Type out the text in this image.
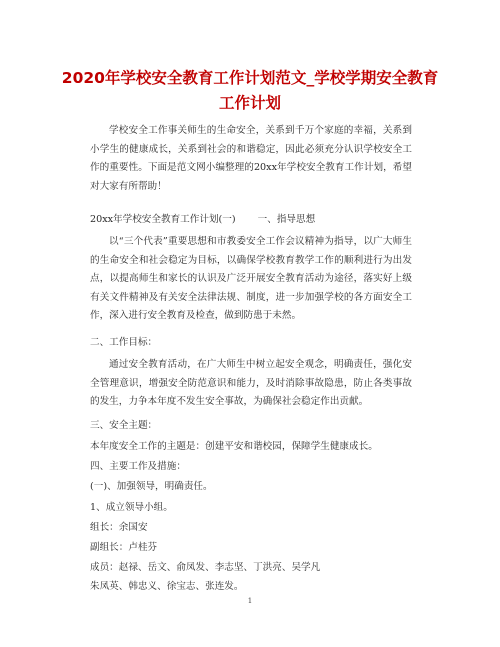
2020年学校安全教育工作计划范文_学校学期安全教育工作计划

学校安全工作事关师生的生命安全，关系到千万个家庭的幸福，关系到小学生的健康成长，关系到社会的和谐稳定，因此必须充分认识学校安全工作的重要性。下面是范文网小编整理的20xx年学校安全教育工作计划，希望对大家有所帮助！

20xx年学校安全教育工作计划(一) 一、指导思想

以“三个代表”重要思想和市教委安全工作会议精神为指导，以广大师生的生命安全和社会稳定为目标，以确保学校教育教学工作的顺利进行为出发点，以提高师生和家长的认识及广泛开展安全教育活动为途径，落实好上级有关文件精神及有关安全法律法规、制度，进一步加强学校的各方面安全工作，深入进行安全教育及检查，做到防患于未然。

二、工作目标：

通过安全教育活动，在广大师生中树立起安全观念，明确责任，强化安全管理意识，增强安全防范意识和能力，及时消除事故隐患，防止各类事故的发生，力争本年度不发生安全事故，为确保社会稳定作出贡献。

三、安全主题：

本年度安全工作的主题是：创建平安和谐校园，保障学生健康成长。

四、主要工作及措施：

(一)、加强领导，明确责任。

1、成立领导小组。

组长：余国安

副组长：卢桂芬

成员：赵禄、岳文、俞凤发、李志坚、丁洪亮、吴学凡

朱凤英、韩忠义、徐宝志、张连发。

1
